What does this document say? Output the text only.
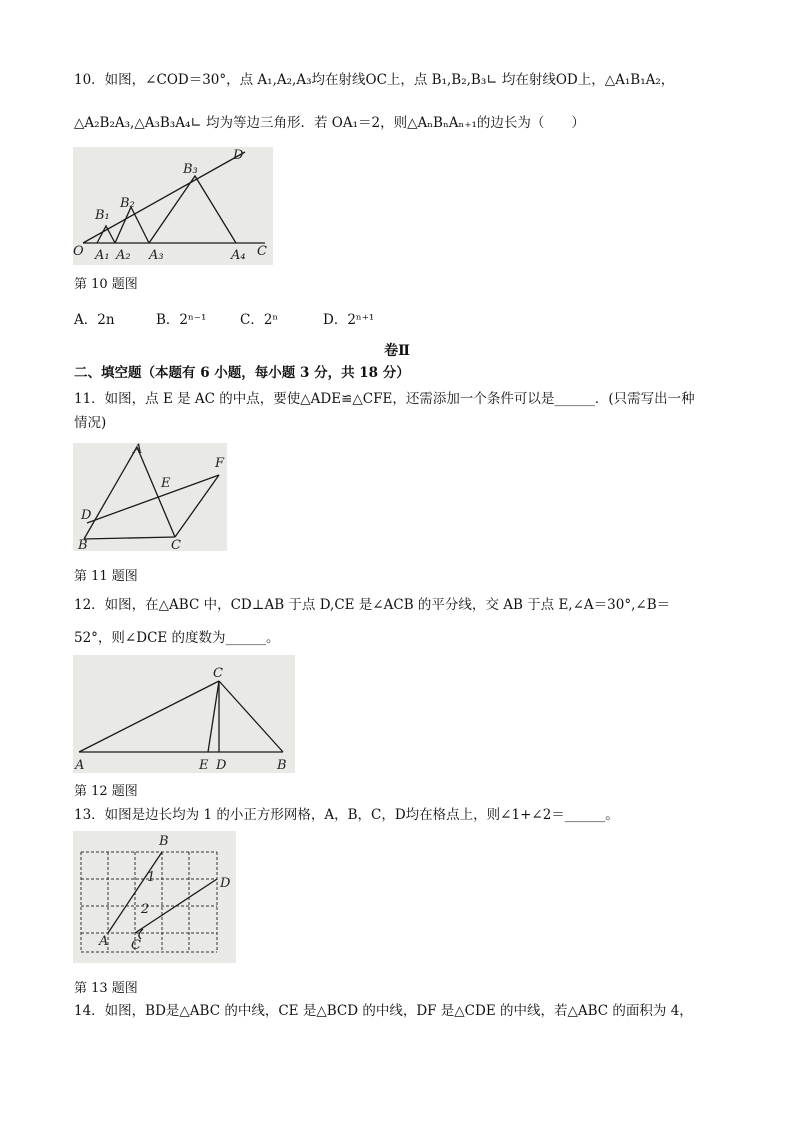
10．如图，∠COD＝30°，点 A₁,A₂,A₃均在射线OC上，点 B₁,B₂,B₃∟ 均在射线OD上，△A₁B₁A₂，
△A₂B₂A₃,△A₃B₃A₄∟ 均为等边三角形．若 OA₁＝2，则△AₙBₙAₙ₊₁的边长为（　　）
O A₁ A₂ A₃	A₄ C
D
B₁
B₂
B₃
第 10 题图
A．2n	B．2ⁿ⁻¹ C．2ⁿ	D．2ⁿ⁺¹
卷Ⅱ
二、填空题（本题有 6 小题，每小题 3 分，共 18 分）
11．如图，点 E 是 AC 的中点，要使△ADE≌△CFE，还需添加一个条件可以是______．(只需写出一种
情况)
A
B	C
D
E
F
第 11 题图
12．如图，在△ABC 中，CD⊥AB 于点 D,CE 是∠ACB 的平分线，交 AB 于点 E,∠A＝30°,∠B＝
52°，则∠DCE 的度数为______。
C
A	E D	B
第 12 题图
13．如图是边长均为 1 的小正方形网格，A，B，C，D均在格点上，则∠1+∠2＝______。
B
D
A C
1
2
第 13 题图
14．如图，BD是△ABC 的中线，CE 是△BCD 的中线，DF 是△CDE 的中线，若△ABC 的面积为 4，
